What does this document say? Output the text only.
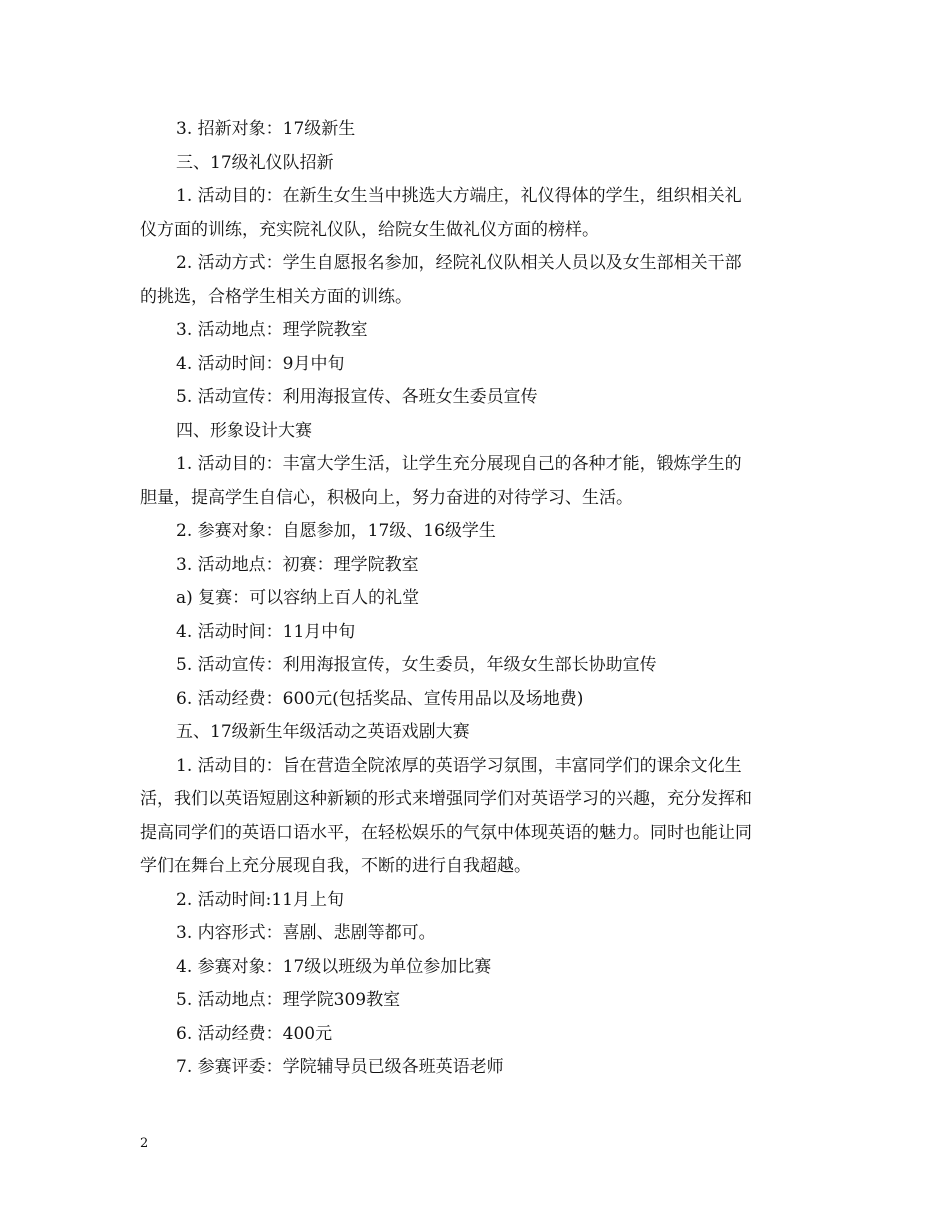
3. 招新对象：17级新生
三、17级礼仪队招新
1. 活动目的：在新生女生当中挑选大方端庄，礼仪得体的学生，组织相关礼
仪方面的训练，充实院礼仪队，给院女生做礼仪方面的榜样。
2. 活动方式：学生自愿报名参加，经院礼仪队相关人员以及女生部相关干部
的挑选，合格学生相关方面的训练。
3. 活动地点：理学院教室
4. 活动时间：9月中旬
5. 活动宣传：利用海报宣传、各班女生委员宣传
四、形象设计大赛
1. 活动目的：丰富大学生活，让学生充分展现自己的各种才能，锻炼学生的
胆量，提高学生自信心，积极向上，努力奋进的对待学习、生活。
2. 参赛对象：自愿参加，17级、16级学生
3. 活动地点：初赛：理学院教室
a) 复赛：可以容纳上百人的礼堂
4. 活动时间：11月中旬
5. 活动宣传：利用海报宣传，女生委员，年级女生部长协助宣传
6. 活动经费：600元(包括奖品、宣传用品以及场地费)
五、17级新生年级活动之英语戏剧大赛
1. 活动目的：旨在营造全院浓厚的英语学习氛围，丰富同学们的课余文化生
活，我们以英语短剧这种新颖的形式来增强同学们对英语学习的兴趣，充分发挥和
提高同学们的英语口语水平，在轻松娱乐的气氛中体现英语的魅力。同时也能让同
学们在舞台上充分展现自我，不断的进行自我超越。
2. 活动时间:11月上旬
3. 内容形式：喜剧、悲剧等都可。
4. 参赛对象：17级以班级为单位参加比赛
5. 活动地点：理学院309教室
6. 活动经费：400元
7. 参赛评委：学院辅导员已级各班英语老师
2
